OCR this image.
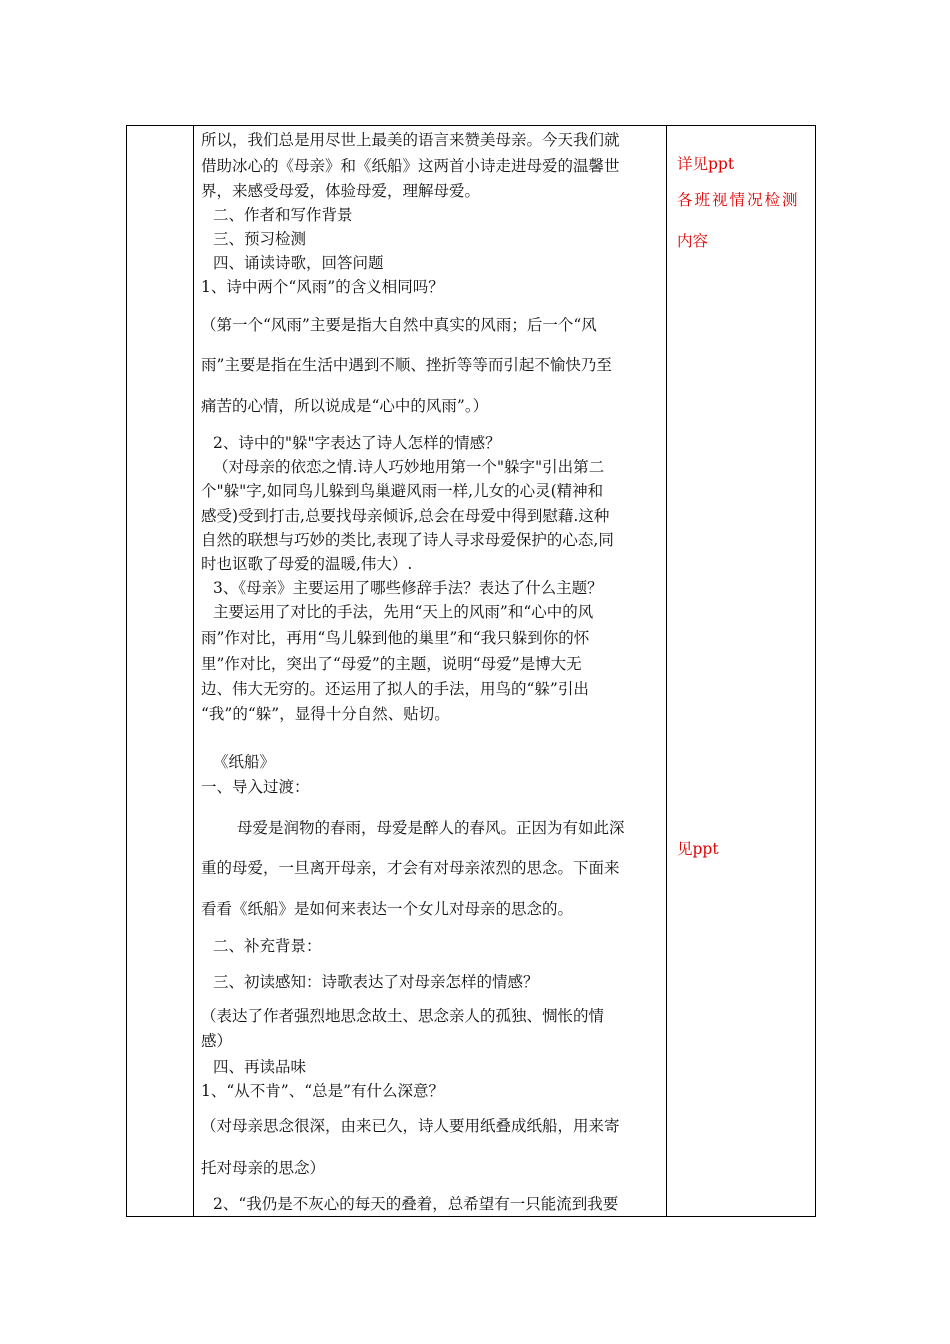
所以，我们总是用尽世上最美的语言来赞美母亲。今天我们就
借助冰心的《母亲》和《纸船》这两首小诗走进母爱的温馨世
界，来感受母爱，体验母爱，理解母爱。
二、作者和写作背景
三、预习检测
四、诵读诗歌，回答问题
1、诗中两个“风雨”的含义相同吗？
（第一个“风雨”主要是指大自然中真实的风雨；后一个“风
雨”主要是指在生活中遇到不顺、挫折等等而引起不愉快乃至
痛苦的心情，所以说成是“心中的风雨”。）
2、诗中的"躲"字表达了诗人怎样的情感？
（对母亲的依恋之情.诗人巧妙地用第一个"躲字"引出第二
个"躲"字,如同鸟儿躲到鸟巢避风雨一样,儿女的心灵(精神和
感受)受到打击,总要找母亲倾诉,总会在母爱中得到慰藉.这种
自然的联想与巧妙的类比,表现了诗人寻求母爱保护的心态,同
时也讴歌了母爱的温暖,伟大）.
3、《母亲》主要运用了哪些修辞手法？表达了什么主题？
主要运用了对比的手法，先用“天上的风雨”和“心中的风
雨”作对比，再用“鸟儿躲到他的巢里”和“我只躲到你的怀
里”作对比，突出了“母爱”的主题，说明“母爱”是博大无
边、伟大无穷的。还运用了拟人的手法，用鸟的“躲”引出
“我”的“躲”，显得十分自然、贴切。
《纸船》
一、导入过渡：
母爱是润物的春雨，母爱是醉人的春风。正因为有如此深
重的母爱，一旦离开母亲，才会有对母亲浓烈的思念。下面来
看看《纸船》是如何来表达一个女儿对母亲的思念的。
二、补充背景：
三、初读感知：诗歌表达了对母亲怎样的情感？
（表达了作者强烈地思念故土、思念亲人的孤独、惆怅的情
感）
四、再读品味
1、“从不肯”、“总是”有什么深意？
（对母亲思念很深，由来已久，诗人要用纸叠成纸船，用来寄
托对母亲的思念）
2、“我仍是不灰心的每天的叠着，总希望有一只能流到我要
详见ppt
各班视情况检测
内容
见ppt
